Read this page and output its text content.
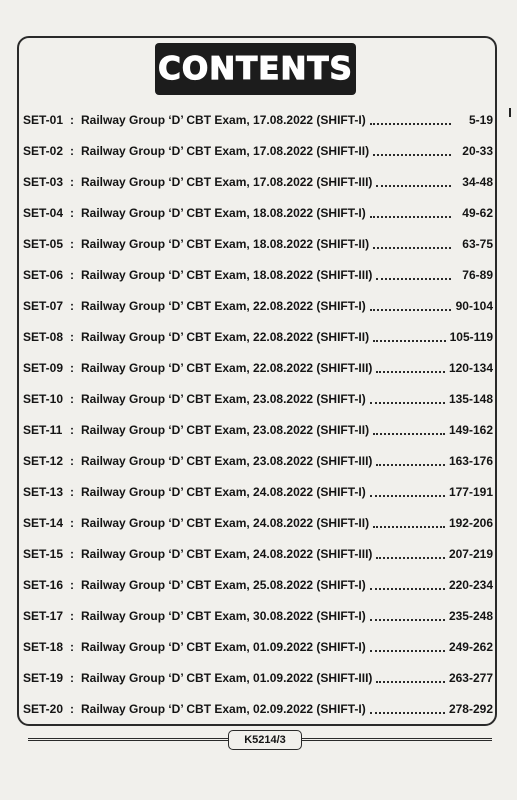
CONTENTS
SET-01 : Railway Group ‘D’ CBT Exam, 17.08.2022 (SHIFT-I)	5-19
SET-02 : Railway Group ‘D’ CBT Exam, 17.08.2022 (SHIFT-II)	20-33
SET-03 : Railway Group ‘D’ CBT Exam, 17.08.2022 (SHIFT-III)	34-48
SET-04 : Railway Group ‘D’ CBT Exam, 18.08.2022 (SHIFT-I)	49-62
SET-05 : Railway Group ‘D’ CBT Exam, 18.08.2022 (SHIFT-II)	63-75
SET-06 : Railway Group ‘D’ CBT Exam, 18.08.2022 (SHIFT-III)	76-89
SET-07 : Railway Group ‘D’ CBT Exam, 22.08.2022 (SHIFT-I)	90-104
SET-08 : Railway Group ‘D’ CBT Exam, 22.08.2022 (SHIFT-II)	105-119
SET-09 : Railway Group ‘D’ CBT Exam, 22.08.2022 (SHIFT-III)	120-134
SET-10 : Railway Group ‘D’ CBT Exam, 23.08.2022 (SHIFT-I)	135-148
SET-11 : Railway Group ‘D’ CBT Exam, 23.08.2022 (SHIFT-II)	149-162
SET-12 : Railway Group ‘D’ CBT Exam, 23.08.2022 (SHIFT-III)	163-176
SET-13 : Railway Group ‘D’ CBT Exam, 24.08.2022 (SHIFT-I)	177-191
SET-14 : Railway Group ‘D’ CBT Exam, 24.08.2022 (SHIFT-II)	192-206
SET-15 : Railway Group ‘D’ CBT Exam, 24.08.2022 (SHIFT-III)	207-219
SET-16 : Railway Group ‘D’ CBT Exam, 25.08.2022 (SHIFT-I)	220-234
SET-17 : Railway Group ‘D’ CBT Exam, 30.08.2022 (SHIFT-I)	235-248
SET-18 : Railway Group ‘D’ CBT Exam, 01.09.2022 (SHIFT-I)	249-262
SET-19 : Railway Group ‘D’ CBT Exam, 01.09.2022 (SHIFT-III)	263-277
SET-20 : Railway Group ‘D’ CBT Exam, 02.09.2022 (SHIFT-I)	278-292
K5214/3
